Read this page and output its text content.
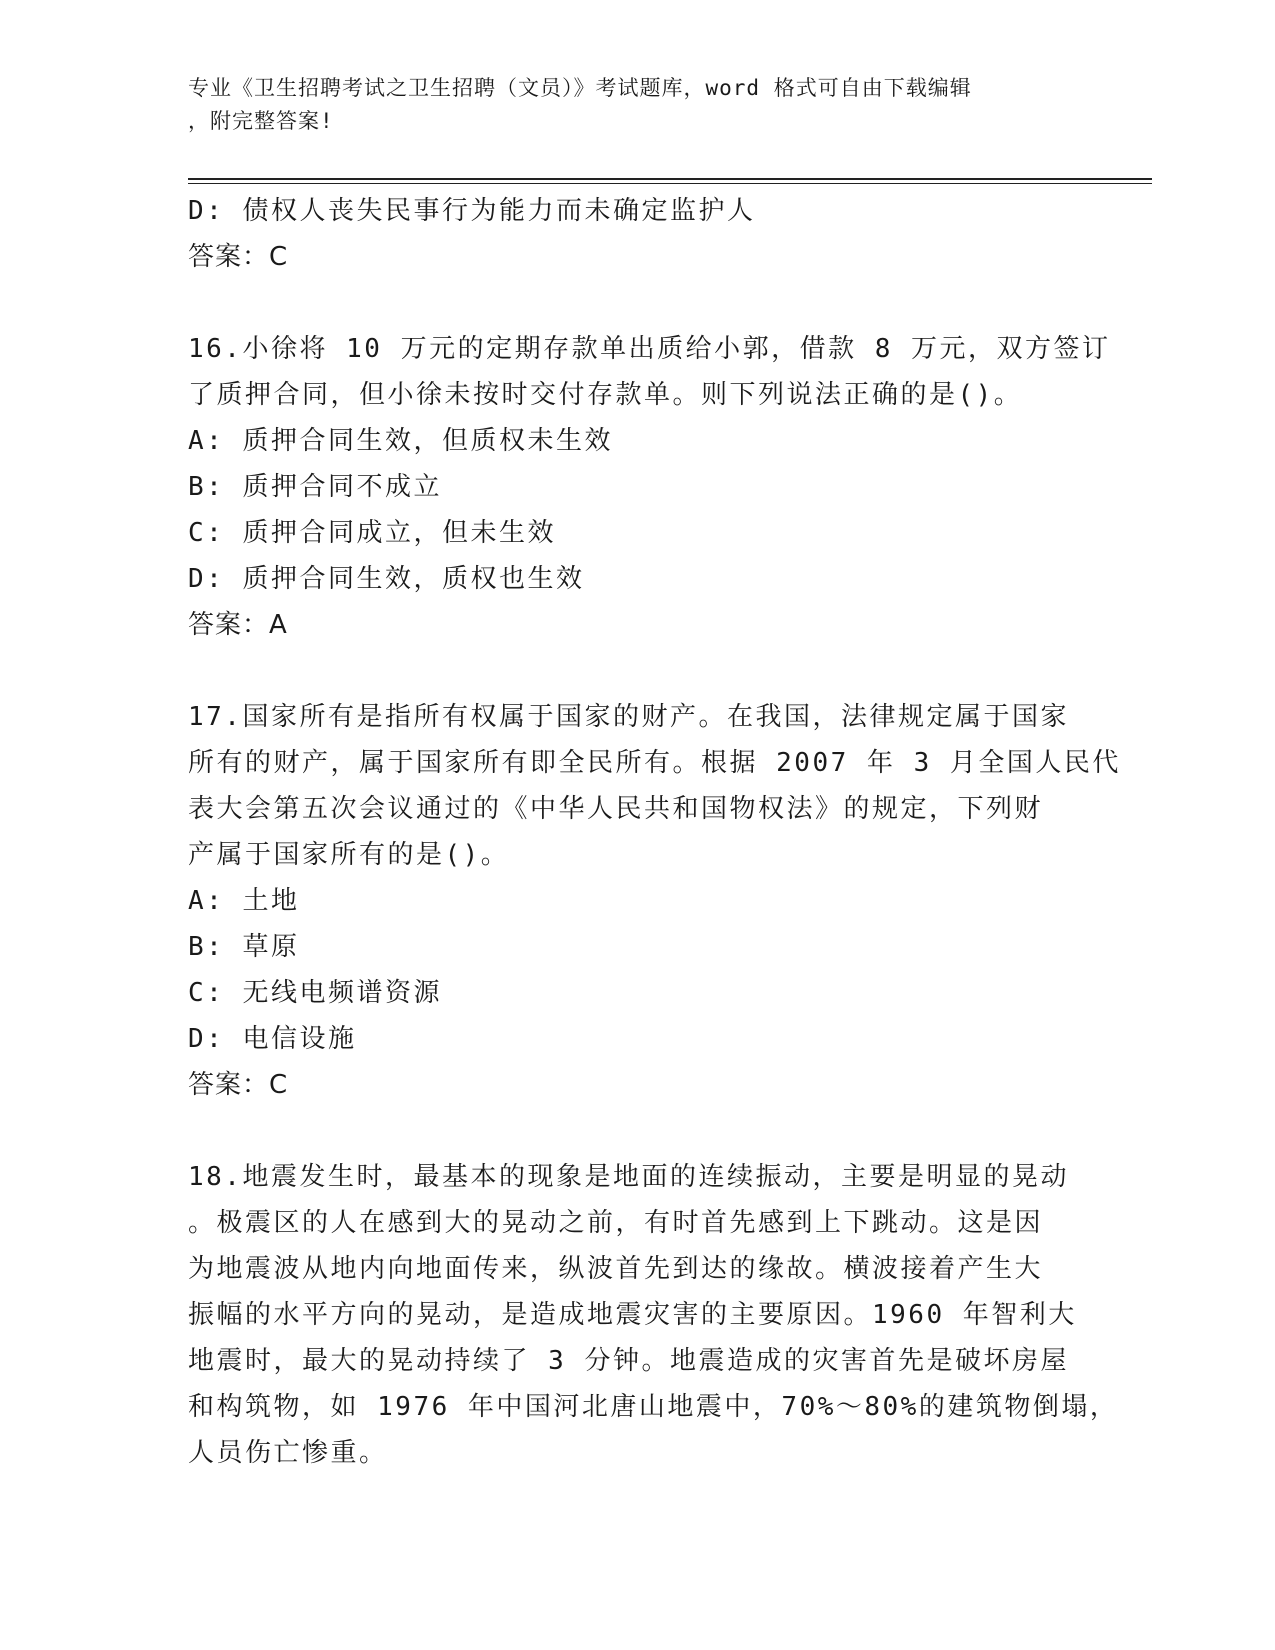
专业《卫生招聘考试之卫生招聘（文员）》考试题库，word 格式可自由下载编辑
，附完整答案!

D: 债权人丧失民事行为能力而未确定监护人

答案：C

16.小徐将 10 万元的定期存款单出质给小郭，借款 8 万元，双方签订

了质押合同，但小徐未按时交付存款单。则下列说法正确的是()。

A: 质押合同生效，但质权未生效

B: 质押合同不成立

C: 质押合同成立，但未生效

D: 质押合同生效，质权也生效

答案：A

17.国家所有是指所有权属于国家的财产。在我国，法律规定属于国家

所有的财产，属于国家所有即全民所有。根据 2007 年 3 月全国人民代

表大会第五次会议通过的《中华人民共和国物权法》的规定，下列财

产属于国家所有的是()。

A: 土地

B: 草原

C: 无线电频谱资源

D: 电信设施

答案：C

18.地震发生时，最基本的现象是地面的连续振动，主要是明显的晃动

。极震区的人在感到大的晃动之前，有时首先感到上下跳动。这是因

为地震波从地内向地面传来，纵波首先到达的缘故。横波接着产生大

振幅的水平方向的晃动，是造成地震灾害的主要原因。1960 年智利大

地震时，最大的晃动持续了 3 分钟。地震造成的灾害首先是破坏房屋

和构筑物，如 1976 年中国河北唐山地震中，70%～80%的建筑物倒塌，

人员伤亡惨重。
